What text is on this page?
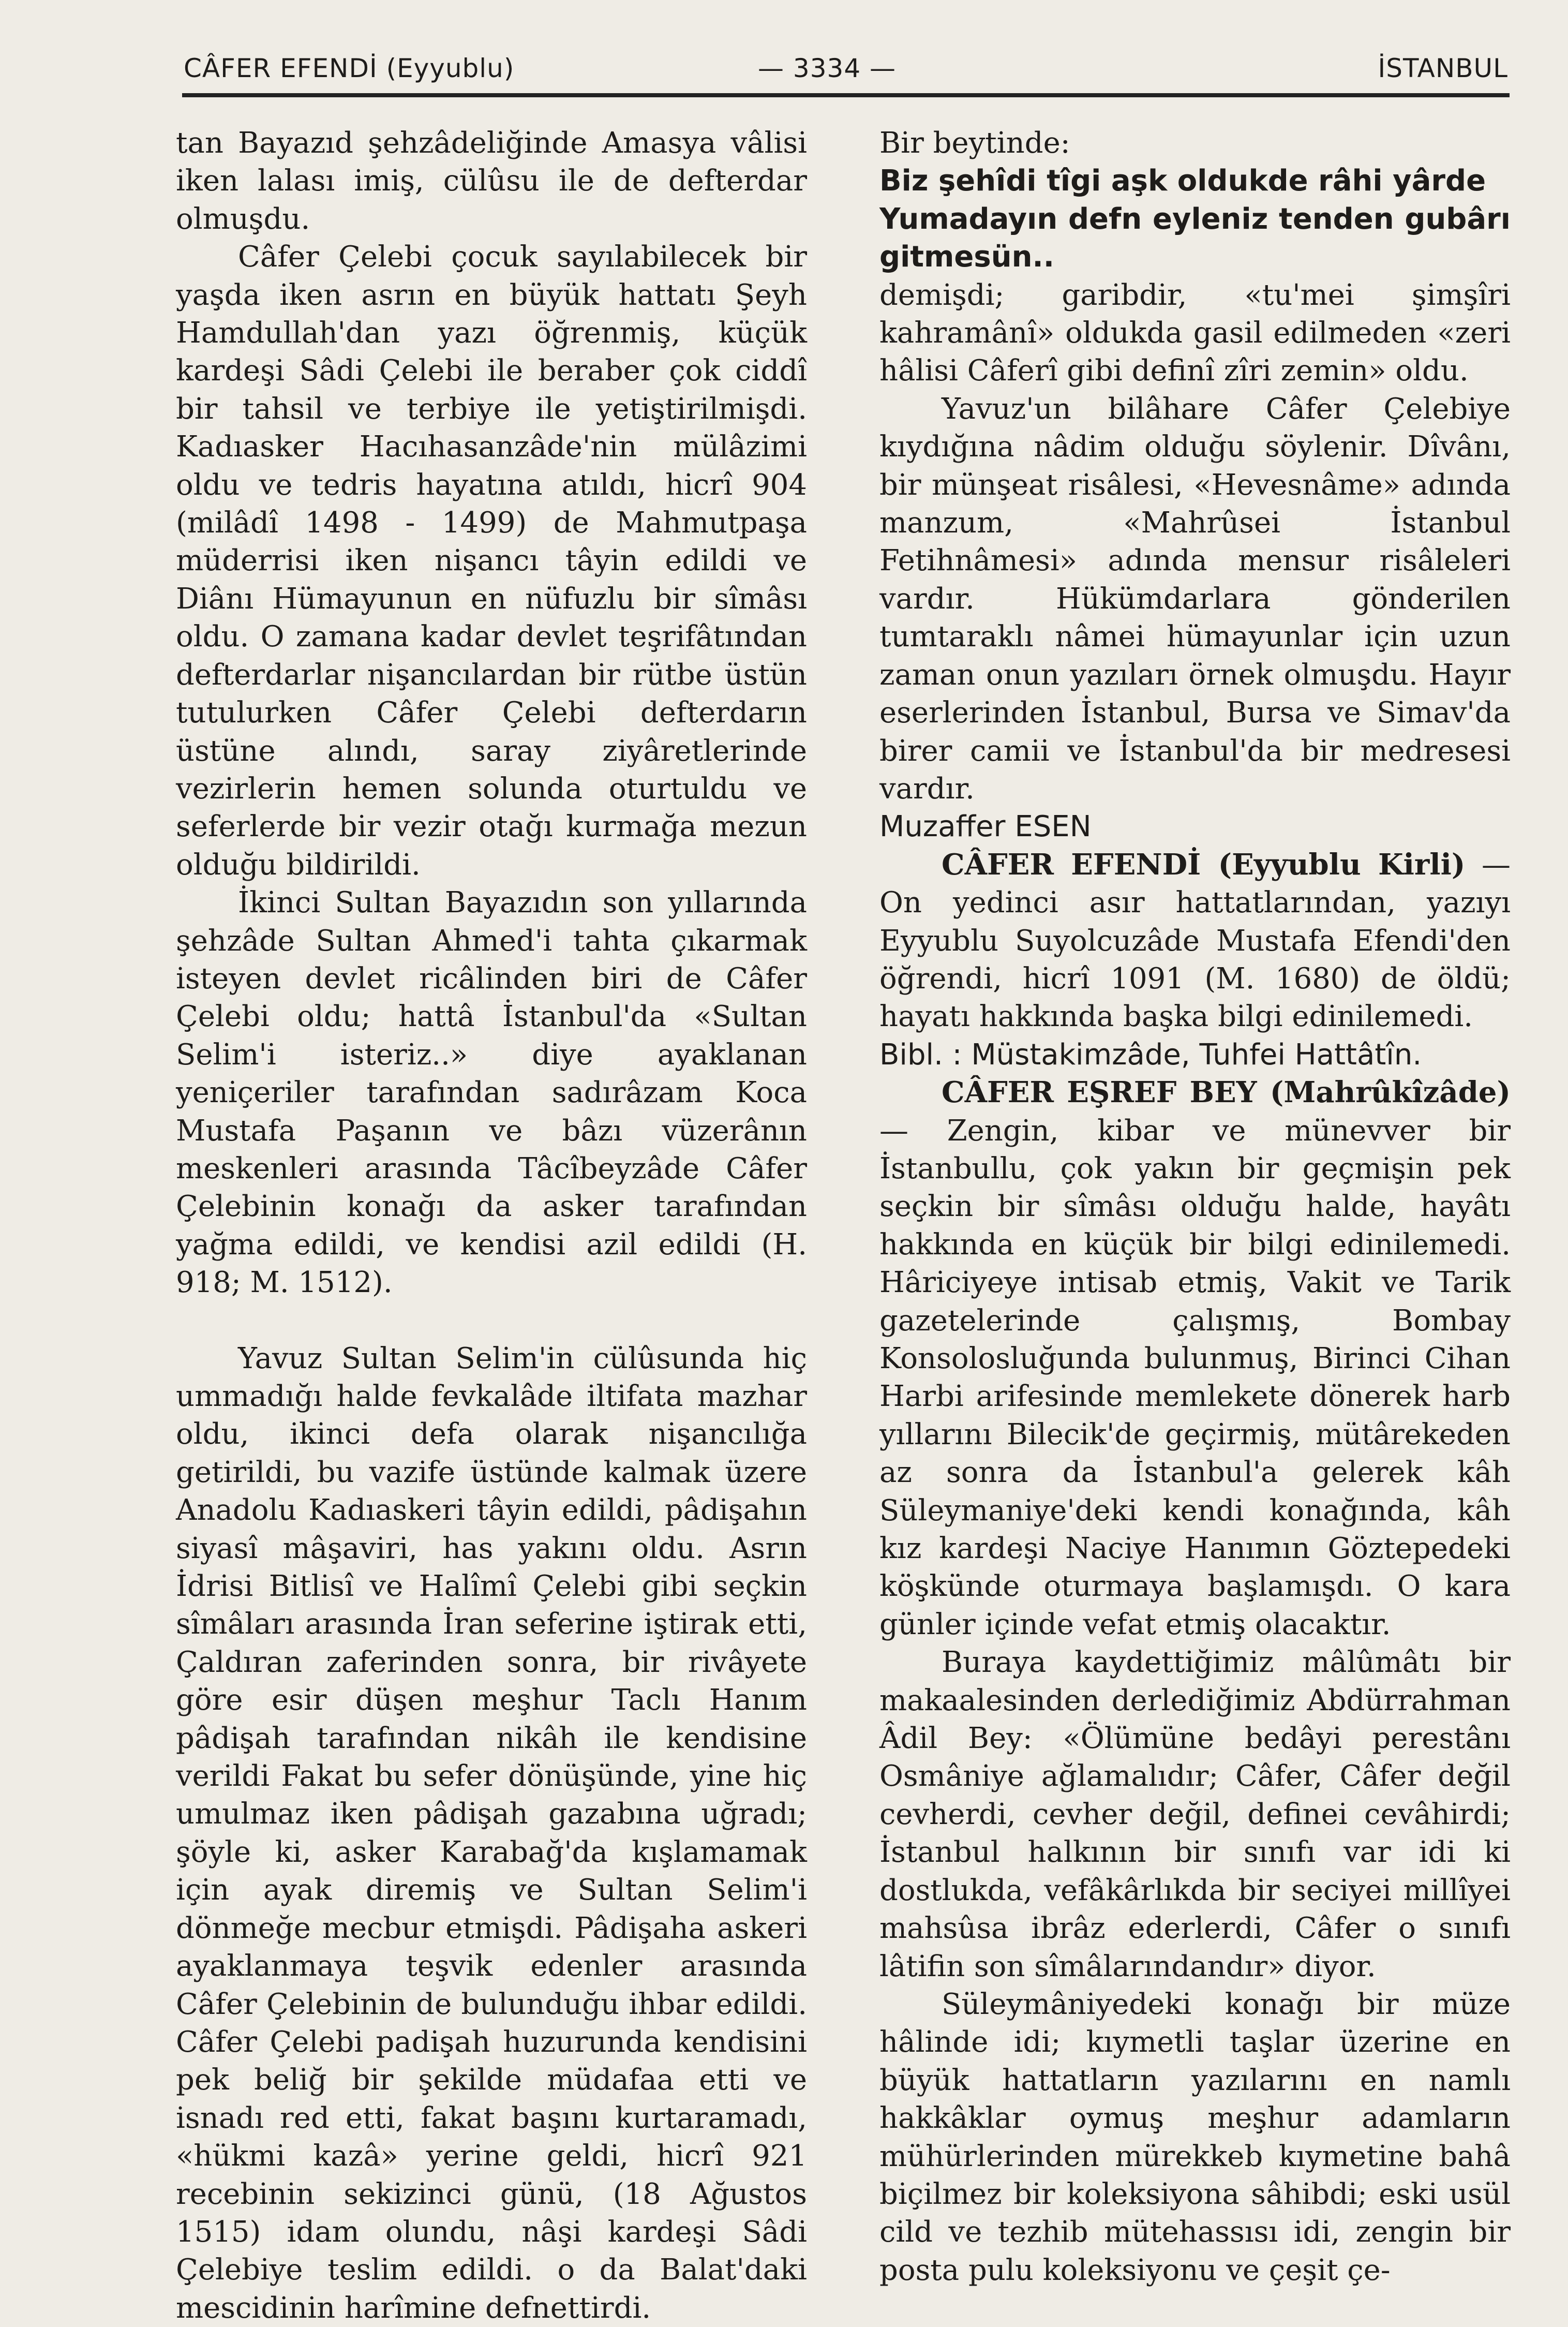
CÂFER EFENDİ (Eyyublu)	— 3334 —	İSTANBUL

tan Bayazıd şehzâdeliğinde Amasya vâlisi iken lalası imiş, cülûsu ile de defterdar olmuşdu.

Câfer Çelebi çocuk sayılabilecek bir yaşda iken asrın en büyük hattatı Şeyh Hamdullah'dan yazı öğrenmiş, küçük kardeşi Sâdi Çelebi ile beraber çok ciddî bir tahsil ve terbiye ile yetiştirilmişdi. Kadıasker Hacıhasanzâde'nin mülâzimi oldu ve tedris hayatına atıldı, hicrî 904 (milâdî 1498 - 1499) de Mahmutpaşa müderrisi iken nişancı tâyin edildi ve Diânı Hümayunun en nüfuzlu bir sîmâsı oldu. O zamana kadar devlet teşrifâtından defterdarlar nişancılardan bir rütbe üstün tutulurken Câfer Çelebi defterdarın üstüne alındı, saray ziyâretlerinde vezirlerin hemen solunda oturtuldu ve seferlerde bir vezir otağı kurmağa mezun olduğu bildirildi.

İkinci Sultan Bayazıdın son yıllarında şehzâde Sultan Ahmed'i tahta çıkarmak isteyen devlet ricâlinden biri de Câfer Çelebi oldu; hattâ İstanbul'da «Sultan Selim'i isteriz..» diye ayaklanan yeniçeriler tarafından sadırâzam Koca Mustafa Paşanın ve bâzı vüzerânın meskenleri arasında Tâcîbeyzâde Câfer Çelebinin konağı da asker tarafından yağma edildi, ve kendisi azil edildi (H. 918; M. 1512).

Yavuz Sultan Selim'in cülûsunda hiç ummadığı halde fevkalâde iltifata mazhar oldu, ikinci defa olarak nişancılığa getirildi, bu vazife üstünde kalmak üzere Anadolu Kadıaskeri tâyin edildi, pâdişahın siyasî mâşaviri, has yakını oldu. Asrın İdrisi Bitlisî ve Halîmî Çelebi gibi seçkin sîmâları arasında İran seferine iştirak etti, Çaldıran zaferinden sonra, bir rivâyete göre esir düşen meşhur Taclı Hanım pâdişah tarafından nikâh ile kendisine verildi Fakat bu sefer dönüşünde, yine hiç umulmaz iken pâdişah gazabına uğradı; şöyle ki, asker Karabağ'da kışlamamak için ayak diremiş ve Sultan Selim'i dönmeğe mecbur etmişdi. Pâdişaha askeri ayaklanmaya teşvik edenler arasında Câfer Çelebinin de bulunduğu ihbar edildi. Câfer Çelebi padişah huzurunda kendisini pek beliğ bir şekilde müdafaa etti ve isnadı red etti, fakat başını kurtaramadı, «hükmi kazâ» yerine geldi, hicrî 921 recebinin sekizinci günü, (18 Ağustos 1515) idam olundu, nâşi kardeşi Sâdi Çelebiye teslim edildi. o da Balat'daki mescidinin harîmine defnettirdi.

Bir beytinde:

Biz şehîdi tîgi aşk oldukde râhi yârde

Yumadayın defn eyleniz tenden gubârı gitmesün..

demişdi; garibdir, «tu'mei şimşîri kahramânî» oldukda gasil edilmeden «zeri hâlisi Câferî gibi definî zîri zemin» oldu.

Yavuz'un bilâhare Câfer Çelebiye kıydığına nâdim olduğu söylenir. Dîvânı, bir münşeat risâlesi, «Hevesnâme» adında manzum, «Mahrûsei İstanbul Fetihnâmesi» adında mensur risâleleri vardır. Hükümdarlara gönderilen tumtaraklı nâmei hümayunlar için uzun zaman onun yazıları örnek olmuşdu. Hayır eserlerinden İstanbul, Bursa ve Simav'da birer camii ve İstanbul'da bir medresesi vardır.

Muzaffer ESEN

CÂFER EFENDİ (Eyyublu Kirli) — On yedinci asır hattatlarından, yazıyı Eyyublu Suyolcuzâde Mustafa Efendi'den öğrendi, hicrî 1091 (M. 1680) de öldü; hayatı hakkında başka bilgi edinilemedi.

Bibl. : Müstakimzâde, Tuhfei Hattâtîn.

CÂFER EŞREF BEY (Mahrûkîzâde) — Zengin, kibar ve münevver bir İstanbullu, çok yakın bir geçmişin pek seçkin bir sîmâsı olduğu halde, hayâtı hakkında en küçük bir bilgi edinilemedi. Hâriciyeye intisab etmiş, Vakit ve Tarik gazetelerinde çalışmış, Bombay Konsolosluğunda bulunmuş, Birinci Cihan Harbi arifesinde memlekete dönerek harb yıllarını Bilecik'de geçirmiş, mütârekeden az sonra da İstanbul'a gelerek kâh Süleymaniye'deki kendi konağında, kâh kız kardeşi Naciye Hanımın Göztepedeki köşkünde oturmaya başlamışdı. O kara günler içinde vefat etmiş olacaktır.

Buraya kaydettiğimiz mâlûmâtı bir makaalesinden derlediğimiz Abdürrahman Âdil Bey: «Ölümüne bedâyi perestânı Osmâniye ağlamalıdır; Câfer, Câfer değil cevherdi, cevher değil, definei cevâhirdi; İstanbul halkının bir sınıfı var idi ki dostlukda, vefâkârlıkda bir seciyei millîyei mahsûsa ibrâz ederlerdi, Câfer o sınıfı lâtifin son sîmâlarındandır» diyor.

Süleymâniyedeki konağı bir müze hâlinde idi; kıymetli taşlar üzerine en büyük hattatların yazılarını en namlı hakkâklar oymuş meşhur adamların mühürlerinden mürekkeb kıymetine bahâ biçilmez bir koleksiyona sâhibdi; eski usül cild ve tezhib mütehassısı idi, zengin bir posta pulu koleksiyonu ve çeşit çe-
